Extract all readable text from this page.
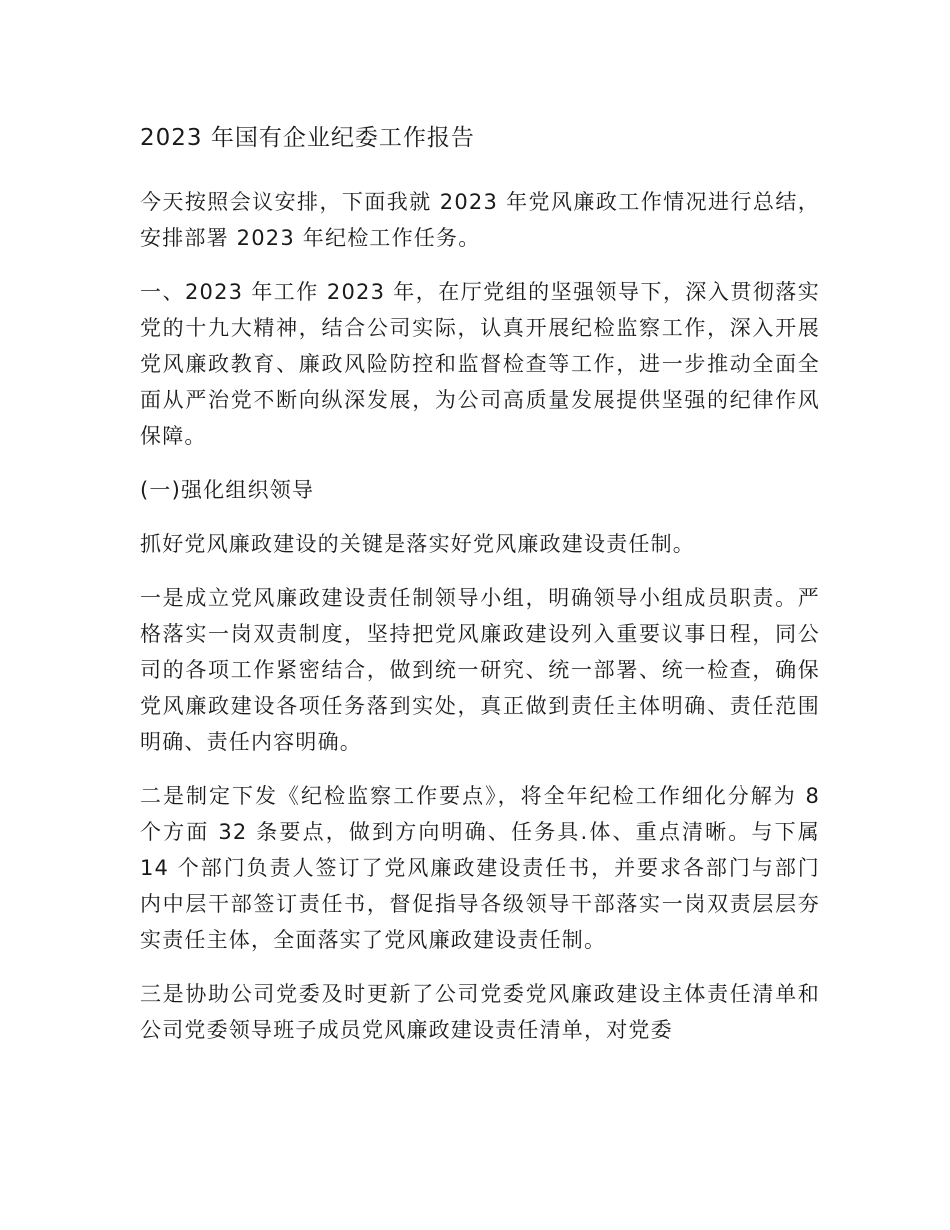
2023 年国有企业纪委工作报告

今天按照会议安排，下面我就 2023 年党风廉政工作情况进行总结，安排部署 2023 年纪检工作任务。

一、2023 年工作 2023 年，在厅党组的坚强领导下，深入贯彻落实党的十九大精神，结合公司实际，认真开展纪检监察工作，深入开展党风廉政教育、廉政风险防控和监督检查等工作，进一步推动全面全面从严治党不断向纵深发展，为公司高质量发展提供坚强的纪律作风保障。

(一)强化组织领导

抓好党风廉政建设的关键是落实好党风廉政建设责任制。

一是成立党风廉政建设责任制领导小组，明确领导小组成员职责。严格落实一岗双责制度，坚持把党风廉政建设列入重要议事日程，同公司的各项工作紧密结合，做到统一研究、统一部署、统一检查，确保党风廉政建设各项任务落到实处，真正做到责任主体明确、责任范围明确、责任内容明确。

二是制定下发《纪检监察工作要点》，将全年纪检工作细化分解为 8 个方面 32 条要点，做到方向明确、任务具.体、重点清晰。与下属 14 个部门负责人签订了党风廉政建设责任书，并要求各部门与部门内中层干部签订责任书，督促指导各级领导干部落实一岗双责层层夯实责任主体，全面落实了党风廉政建设责任制。

三是协助公司党委及时更新了公司党委党风廉政建设主体责任清单和公司党委领导班子成员党风廉政建设责任清单，对党委
